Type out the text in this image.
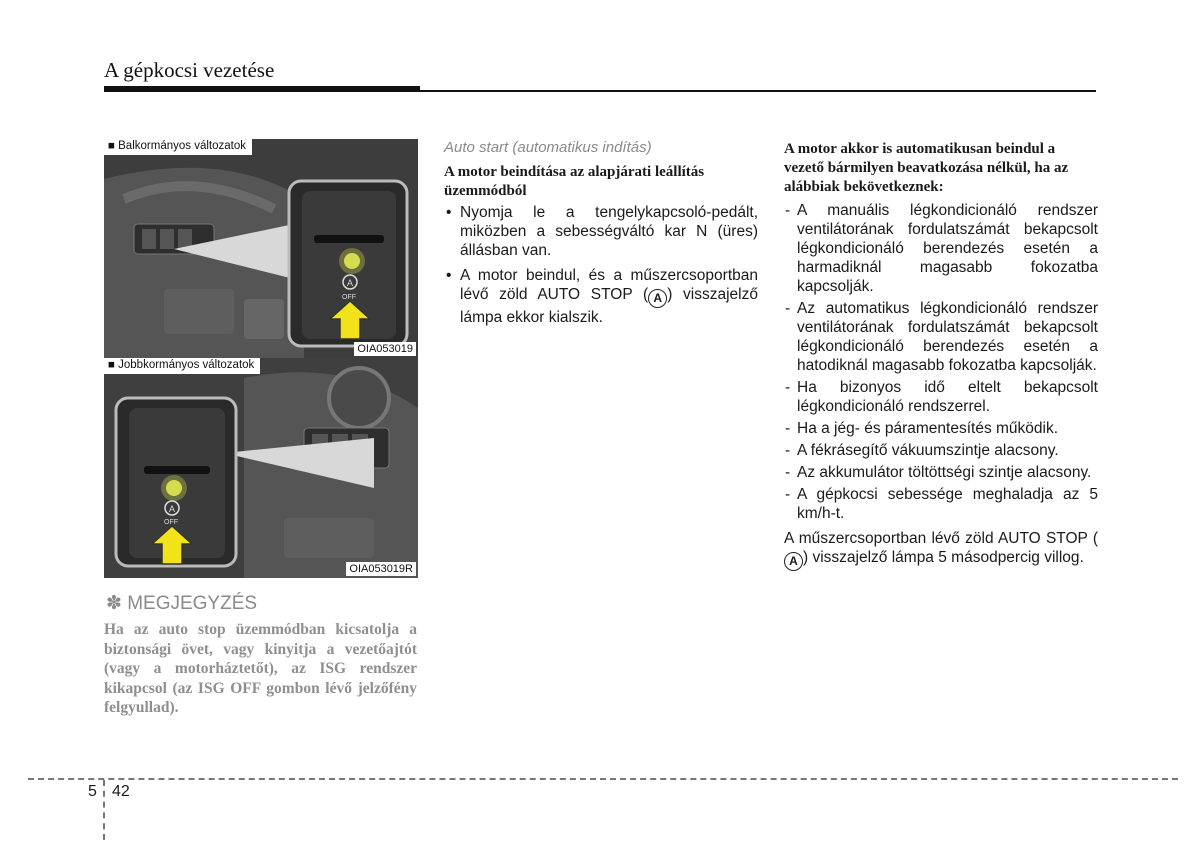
A gépkocsi vezetése
A
OFF
■ Balkormányos változatok
OIA053019
A
OFF
■ Jobbkormányos változatok
OIA053019R
✽ MEGJEGYZÉS
Ha az auto stop üzemmódban kicsatolja a biztonsági övet, vagy kinyitja a vezetőajtót (vagy a motorháztetőt), az ISG rendszer kikapcsol (az ISG OFF gombon lévő jelzőfény felgyullad).
Auto start (automatikus indítás)
A motor beindítása az alapjárati leállítás üzemmódból
• Nyomja le a tengelykapcsoló-pedált, miközben a sebességváltó kar N (üres) állásban van.
• A motor beindul, és a műszercsoportban lévő zöld AUTO STOP ( A ) visszajelző lámpa ekkor kialszik.
A motor akkor is automatikusan beindul a vezető bármilyen beavatkozása nélkül, ha az alábbiak bekövetkeznek:
- A manuális légkondicionáló rendszer ventilátorának fordulatszámát bekapcsolt légkondicionáló berendezés esetén a harmadiknál magasabb fokozatba kapcsolják.
- Az automatikus légkondicionáló rendszer ventilátorának fordulatszámát bekapcsolt légkondicionáló berendezés esetén a hatodiknál magasabb fokozatba kapcsolják.
- Ha bizonyos idő eltelt bekapcsolt légkondicionáló rendszerrel.
- Ha a jég- és páramentesítés működik.
- A fékrásegítő vákuumszintje alacsony.
- Az akkumulátor töltöttségi szintje alacsony.
- A gépkocsi sebessége meghaladja az 5 km/h-t.
A műszercsoportban lévő zöld AUTO STOP (A ) visszajelző lámpa 5 másodpercig villog.
5 42
